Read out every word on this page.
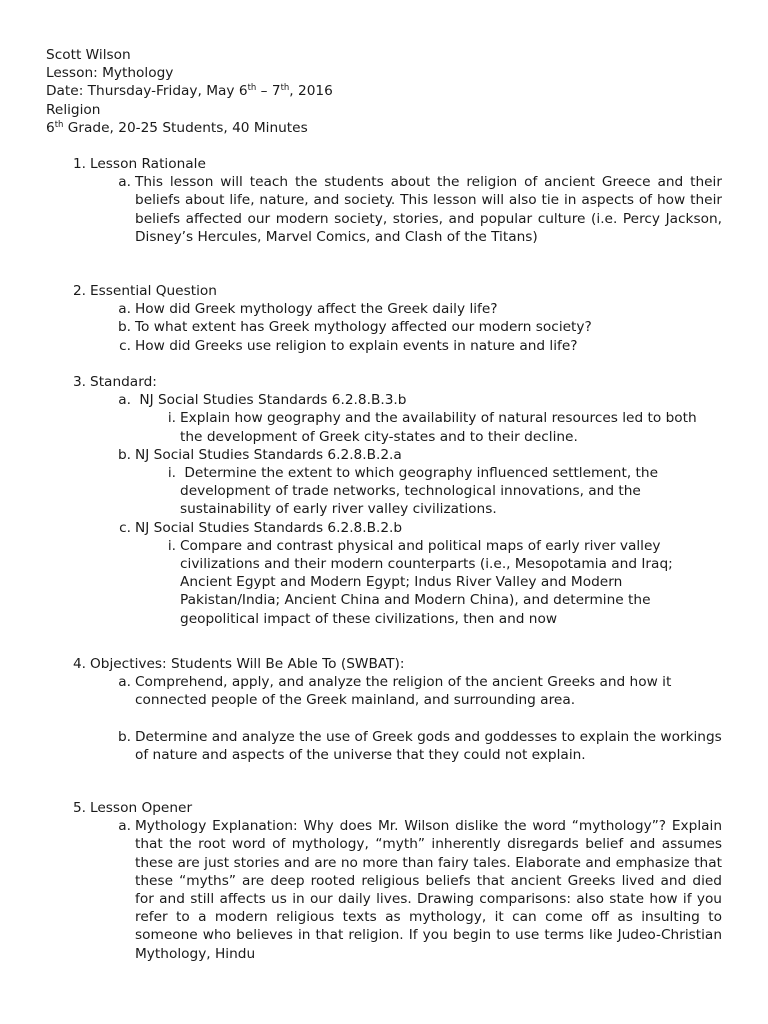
Scott Wilson
Lesson: Mythology
Date: Thursday-Friday, May 6th – 7th, 2016
Religion
6th Grade, 20-25 Students, 40 Minutes
1. Lesson Rationale
a. This lesson will teach the students about the religion of ancient Greece and their beliefs about life, nature, and society. This lesson will also tie in aspects of how their beliefs affected our modern society, stories, and popular culture (i.e. Percy Jackson, Disney’s Hercules, Marvel Comics, and Clash of the Titans)
2. Essential Question
a. How did Greek mythology affect the Greek daily life?
b. To what extent has Greek mythology affected our modern society?
c. How did Greeks use religion to explain events in nature and life?
3. Standard:
a. NJ Social Studies Standards 6.2.8.B.3.b
i. Explain how geography and the availability of natural resources led to both the development of Greek city-states and to their decline.
b. NJ Social Studies Standards 6.2.8.B.2.a
i. Determine the extent to which geography influenced settlement, the development of trade networks, technological innovations, and the sustainability of early river valley civilizations.
c. NJ Social Studies Standards 6.2.8.B.2.b
i. Compare and contrast physical and political maps of early river valley civilizations and their modern counterparts (i.e., Mesopotamia and Iraq; Ancient Egypt and Modern Egypt; Indus River Valley and Modern Pakistan/India; Ancient China and Modern China), and determine the geopolitical impact of these civilizations, then and now
4. Objectives: Students Will Be Able To (SWBAT):
a. Comprehend, apply, and analyze the religion of the ancient Greeks and how it connected people of the Greek mainland, and surrounding area.
b. Determine and analyze the use of Greek gods and goddesses to explain the workings of nature and aspects of the universe that they could not explain.
5. Lesson Opener
a. Mythology Explanation: Why does Mr. Wilson dislike the word “mythology”? Explain that the root word of mythology, “myth” inherently disregards belief and assumes these are just stories and are no more than fairy tales. Elaborate and emphasize that these “myths” are deep rooted religious beliefs that ancient Greeks lived and died for and still affects us in our daily lives. Drawing comparisons: also state how if you refer to a modern religious texts as mythology, it can come off as insulting to someone who believes in that religion. If you begin to use terms like Judeo-Christian Mythology, Hindu
